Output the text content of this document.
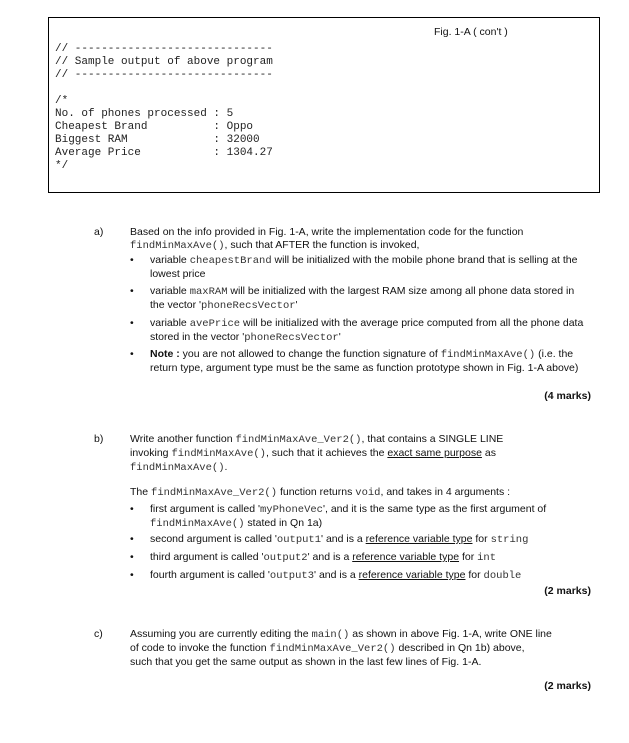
// ------------------------------
// Sample output of above program
// ------------------------------

/*
No. of phones processed : 5
Cheapest Brand          : Oppo
Biggest RAM             : 32000
Average Price           : 1304.27
*/
Fig. 1-A ( con't )
a)	Based on the info provided in Fig. 1-A, write the implementation code for the function
findMinMaxAve(), such that AFTER the function is invoked,
• variable cheapestBrand will be initialized with the mobile phone brand that is selling at the lowest price
• variable maxRAM will be initialized with the largest RAM size among all phone data stored in the vector 'phoneRecsVector'
• variable avePrice will be initialized with the average price computed from all the phone data stored in the vector 'phoneRecsVector'
• Note : you are not allowed to change the function signature of findMinMaxAve() (i.e. the return type, argument type must be the same as function prototype shown in Fig. 1-A above)
(4 marks)
b)	Write another function findMinMaxAve_Ver2(), that contains a SINGLE LINE
invoking findMinMaxAve(), such that it achieves the exact same purpose as
findMinMaxAve().
The findMinMaxAve_Ver2() function returns void, and takes in 4 arguments :
• first argument is called 'myPhoneVec', and it is the same type as the first argument of findMinMaxAve() stated in Qn 1a)
• second argument is called 'output1' and is a reference variable type for string
• third argument is called 'output2' and is a reference variable type for int
• fourth argument is called 'output3' and is a reference variable type for double
(2 marks)
c)	Assuming you are currently editing the main() as shown in above Fig. 1-A, write ONE line
of code to invoke the function findMinMaxAve_Ver2() described in Qn 1b) above,
such that you get the same output as shown in the last few lines of Fig. 1-A.
(2 marks)
